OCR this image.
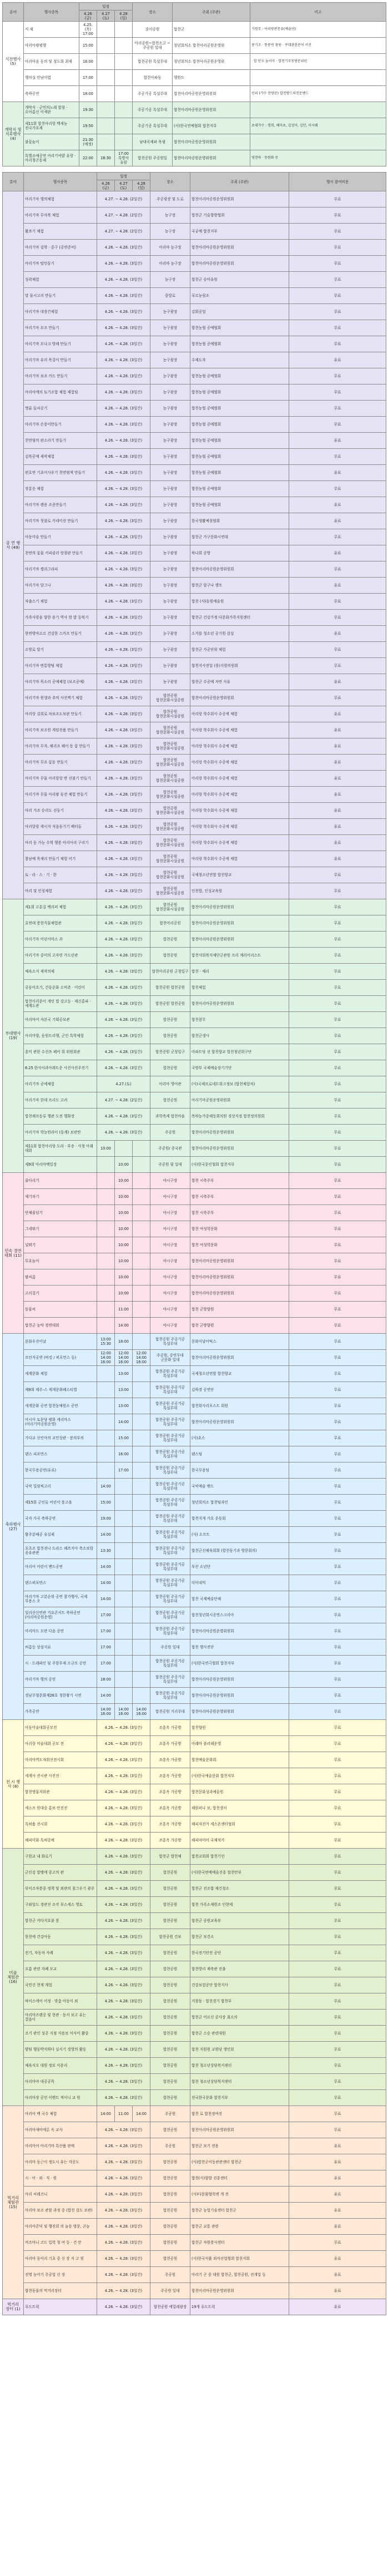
분야	행사종목	일정			장소	주최 (주관)	비고
		4.26 (금)	4.27 (토)	4.28 (일)			
식전행사 (5)	서 제	4.25.(목) 17:00			종이공원	합천군	기원무 · 아리랑판문유(예술단)
	아리아평평행	15:00			아리공원~합천소고 ~ 주공원 일대	청년회의소 합천아리공원운영위	봉기조 · 통봉연 창원 · 쿠대관련분야 서진
	아리마음 동의 및 청도회 최재	16:00			합천공원 특설무대	청년회의소 합천아리공원운영위	· 합 단오 놀이마 · 합천기부동방문위원
	행차실 안남이엽	17:00			합천아파동	행원드	
	축하공연	18:00			주공기공 특설무대	합천아리마공원운영위원회	인피 (가수 찬량분) 합천방드의전문밴드
개막식 및 식후행사 (4)	개막식 · 군민의노래 합창 · 오아름신 이색판	19:30			주공기공 특설무대	합천아리마공원운영위원회	
	제11회 합천아리랑 백세농 전국가요제	19:50			주공기공 특설무대	(사)한국연예협회 합천지부	초대가수 : 명희, 해미초, 김성미, 김민, 이시웨
	불꽃놀이	21:30 (예정)			남대곡제파 목샘	합천아리마공원운영위원회	
	특별조예공연 아리기여밭 유랑 · 아리청곤동제	22:00	18:30	17:00 특방사 유람	합천공원 주공원일	합천아리마공원운영위원회	영천하 · 동원화 등
분야	행사종목	일정			장소	주최 (주관)	행사 참여비용
		4.26 (금)	4.27 (토)	4.28 (일)			
공 연 행 사 (49)	아리기마 행의체험	4.27. ~ 4.28. (2일간)			주공광장 및 도로	합천아리마공원운영위원회	무료
	아리기마 무사복 체험	4.27. ~ 4.28. (2일간)			농구장	합천군 기술향방협회	무료
	활쏘기 체험	4.27. ~ 4.28. (2일간)			농구장	국궁예 합천지부	무료
	아리기마 김학 · 중구 (공연준비)	4.26. ~ 4.28. (3일간)			아리마 농구장	합천아리마공원운영위원회	무료
	아리기마 탑인동기	4.26. ~ 4.28. (3일간)			아리마 농구장	합천아리마공원운영위원회	무료
	성곽체험	4.26. ~ 4.28. (3일간)			농구장	합천군 승마유원	무료
	말 물시고리 만들기	4.26. ~ 4.28. (3일간)			중앙로	푸르농림조	무료
	아리기마 대장간체험	4.26. ~ 4.28. (3일간)			농구광장	김회공업	무료
	아리기마 모조 만들기	4.26. ~ 4.28. (3일간)			농구광장	합천농협 공예협회	무료
	아리기마 모나크 방패 만들기	4.26. ~ 4.28. (3일간)			농구광장	합천농협 공예협회	무료
	아리기마 유리 목걸이 만들기	4.26. ~ 4.28. (3일간)			농구광장	수제도자	유료
	아리기마 보조 카드 만들기	4.26. ~ 4.28. (3일간)			농구광장	합천농협 공예협회	무료
	아리아에의 토기조합 체험 제험팀	4.26. ~ 4.28. (3일간)			농구광장	합천농협 공예협회	무료
	명륜 들쇠공기	4.26. ~ 4.28. (3일간)			농구광장	합천농협 공예협회	무료
	아리기마 손풍이만들기	4.26. ~ 4.28. (3일간)			농구광장	합천농협 공예협회	무료
	천연염의 판소리기 만들기	4.26. ~ 4.28. (3일간)			농구광장	합천농협 공예협회	유료
	김목공예 제작체험	4.26. ~ 4.28. (3일간)			농구광장	합천농협 공예협회	무료
	편호연 기초이사우기 천연염색 만들기	4.26. ~ 4.28. (3일간)			농구광장	합천농협 공예협회	유료
	장롱응 체험	4.26. ~ 4.28. (3일간)			농구광장	합천농협 공예협회	무료
	아리기마 렌용 조종만들기	4.26. ~ 4.28. (3일간)			농구광장	합천농협 공예협회	유료
	아리기마 첫불로 카네이션 만들기	4.26. ~ 4.28. (3일간)			농구광장	한국생활예절협회	유료
	아동미술 만들기	4.26. ~ 4.28. (3일간)			농구광장	합천군 가구문화시연대	무료
	천연의 꽃물 커피클리 랑첨판 만들기	4.26. ~ 4.28. (3일간)			농구광장	하나회 공방	유료
	아리기마 캘리그라피	4.26. ~ 4.28. (3일간)			농구광장	합천아리마공원운영위원회	무료
	아리기마 달그나	4.26. ~ 4.28. (3일간)			농구광장	합천군 달구나 캠프	유료
	자출스기 체험	4.26. ~ 4.28. (3일간)			농구광장	합천 (사)동원예술원	무료
	가족사랑을 향한 용기 역사 맘 발 등복기	4.26. ~ 4.28. (3일간)			농구광장	합천군 건강가정 다문화가족지원센터	무료
	한연방마르르 건강한 스카프 만들기	4.26. ~ 4.28. (3일간)			농구광장	소거를 청소년 공기원 감실	유료
	소방로 달기	4.26. ~ 4.28. (3일간)			농구광장	합천군 가공단위 체험	무료
	아리기마 변통방팅 체험	4.26. ~ 4.28. (3일간)			농구광장	합천지사전업 (풍)지원의원회	무료
	아리기마 목소리 공예체험 (보조공예)	4.26. ~ 4.28. (3일간)			농구광장	합천군 수공예 자연 사유	유료
	아리기마 원생과 추억 사진찍기 체험	4.26. ~ 4.28. (3일간)			합천공원 합천문화시설공원	합천아리마공원운영위원회	무료
	아리랑 김희로 차보조도보판 만들기	4.26. ~ 4.28. (3일간)			합천공원 합천문화시설공원	아리랑 학수회사 수공에 체험	유료
	아리기마 보조원 게임진품 만들기	4.26. ~ 4.28. (3일간)			합천공원 합천문화시설공원	아리랑 학수회사 수공에 체험	유료
	아리기마 무자, 헤리조 헤이 동 꽃 만들기	4.26. ~ 4.28. (3일간)			합천공원 합천문화시설공원	아리랑 학수회사 수공에 체험	유료
	아리기마 무조 꽃동 만들기	4.26. ~ 4.28. (3일간)			합천공원 합천문화시설공원	아리랑 학수회사 수공에 체험	유료
	아리기마 무물 아리달랑 반 선불기 만들기	4.26. ~ 4.28. (3일간)			합천공원 합천문화시설공원	아리랑 학수회사 수공에 체험	유료
	아리기마 무물 아리팡 동전 체험 만들기	4.26. ~ 4.28. (3일간)			합천공원 합천문화시설공원	아리랑 학수회사 수공에 체험	유료
	아리 가조 승리도 선동기	4.26. ~ 4.28. (3일간)			합천공원 합천문화시설공원	아리랑 학수회사 수공에 체험	유료
	아리달랑 캐시지 석음동기기 배터들	4.26. ~ 4.28. (3일간)			합천공원 합천문화시설공원	아리랑 학수회사 수공에 체험	유료
	아리 동 가능 수혁 행봉 아리아리 구리기	4.26. ~ 4.28. (3일간)			합천공원 합천문화시설공원	아리랑 학수회사 수공에 체험	유료
	참남예 목재리 만들기 체험 어기	4.26. ~ 4.28. (3일간)			합천공원 합천문화시설공원	아리랑 학수회사 수공에 체험	유료
	토 · 라 · 스 · 기 · 한	4.26. ~ 4.28. (3일간)			합천공원 합천문화시설공원	국제청소년연합 합천향교	무료
	아리 및 인성체험	4.26. ~ 4.28. (3일간)			합천공원 합천문화시설공원	인천합, 인성교육원	무료
부대행사 (19)	제1회 고분걸 백리퍼 체험	4.26. ~ 4.28. (3일간)			합천공원 합천문화시설공원	합천아리마공원운영위원회	무료
	호연대 봉헌식물체험관	4.26. ~ 4.28. (3일간)			합천아리공원	합천아리마공원운영위원회	무료
	아리기마 어린이마스 과	4.26. ~ 4.28. (3일간)			합천공원	합천아리마공원운영위원회	무료
	아리기마 중미의 고자연 가드린관	4.26. ~ 4.28. (3일간)			합천공원	합천사회복지재단군관원 프리 계리어리스트	무료
	체육소지 제작의체	4.26. ~ 4.28. (3일간)			합천아리공원 군청입구	합천 · 체리	무료
	공동아요기, 건동운화 소비촌 · 어린이	4.26. ~ 4.28. (3일간)			합천공원 합천공원	합천체험	무료
	합천아리문이 개인 법 강고등 · 제긴홍파 · 세계도관	4.26. ~ 4.28. (3일간)			합천공원 합천공원	합천아리마공원운영위원회	무료
	아리마어 자본국 기획공보관	4.26. ~ 4.28. (3일간)			합천공원	합천참무	무료
	아리마향, 동원트리행, 군인 특학체험	4.26. ~ 4.28. (3일간)			합천공원	합천군생사	무료
	흥미 관한 수선쓰 페어 회 위원회관	4.26. ~ 4.28. (3일간)			합천공원 군청입구	아파트당 선 합천향교 합천청년회구단	무료
	6.25 한사아과아레트운 사진사진우전기	4.26. ~ 4.28. (3일간)			합천공원	국방부 국제예술장기기단	무료
	아리기마 공예체험	4.27.(토)			아리마 영어관	(사)국제프로네트워크정보 (합천체험처)	무료
	아리기마 한대 프리드 고려	4.27. ~ 4.28. (2일간)			합천공원	아리기마공원운영위원회	무료
	합천해프동류 행관 도전 행화장	4.26. ~ 4.28. (3일간)			과학축제 합천마을	목하농가중해등회의원 경상지정 합천정의원회	무료
	아리기마 학농원라이 (동계) 보관탄	4.26. ~ 4.28. (3일간)			주공원	합천아리마공원운영위원회	무료
	제11회 합천아리랑 도라 · 부송 · 사청 아래 대회	10:00			주공원/ 종국관	합천아리마공원운영위원회	무료
	제9회 아리마백일장		10:00		주공원 뒷 일대	(사)한국문인협회 합천지부	무료
민속 경연 대회 (11)	줄다리기		10:00		야시구장	합천 시축주부	무료
	제기차기		10:00		야시구장	합천 시축주부	무료
	단체줄넘기		10:00		야시구장	합천 시축주부	무료
	그네뛰기		10:00		야시구장	합천 여성학문화	무료
	널뛰기		10:00		야시구장	합천 여성학문화	무료
	투호놀이		10:00		야시구장	합천아리마공원운영위원회	무료
	팔씨름		10:00		야시구장	합천아리마공원운영위원회	무료
	고리걸기		10:00		야시구장	합천아리마공원운영위원회	무료
	동물씨		11:00		야시구장	합천 군방향원	무료
	합천군 농악 경연대회		14:00		야시구장	합천 군방향원	무료
축하행사 (27)	문화우진이날	13:00 15:30	18:00		합천공원 주공기공 특설무대	문화이날아틱스	무료
	프린지공연 (버킹 / 퍼포먼스 등)	12:00 14:00 16:00	12:00 14:00 16:00	12:00 14:00 16:00	주공원, 공연무대 군문화 일대	합천아리마공원운영위원회	무료
	세계문화 체험		13:00		합천공원 주공기공 특설무대	국제청소년연합 합천향교	무료
	제9회 제주-스 세계문화페스티벌		13:00		합천공원 주공기공 특설무대	김하경 공연단	무료
	세계문화 공연 합천동예원소 공연		13:00		합천공원 주공기공 특설무대	합천회사리포스트 회원	무료
	아시아 토문당 평화 캐리마스 (아리기마공원운영)		14:00		합천공원 주공기공 특설무대	합천아리마공원운영위원회	무료
	가다교 신인아의 교민상관 · 봉의부의		15:00		합천공원 주공기공 특설무대	(사)초스	무료
	댄스 피포먼스		16:00		합천공원 주공기공 특설무대	댄스팀	무료
	한국무용공연(유료)		17:00		합천공원 주공기공 특설무대	한국무용팀	무료
	국악 밀림픽고리	14:00			합천공원 주공기공 특설무대	국악예술 밴드	무료
	제15회 군인들 어린이 풍고을	15:00			합천공원 주공기공 특설무대	청년회의소 합천팀과인	무료
	국자 가곡 축하공연	19:00			합천공원 주공기공 특설무대	합천지게 가요 운동회	무료
	황주분배공 유실제	14:00			합천공원 주공기공 특설무대	(사) 소프트	무료
	포츠조 합천퀴나 드라스 해쓰지아 축소보람 종유관관	13:30			합천공원 주공기공 특설무대	합천군선체육회회 (합천동기과 방문회의)	무료
	아리아 어린이 밴드공연	14:00			합천공원 주공기공 특설무대	부산 소년단	무료
	댄스퍼포먼스	14:00			합천공원 주공기공 특설무대	다이내믹	무료
	아리기마 고분순위 공연 참가행사, 국제 무용스 오	14:00			합천공원 주공기공 특설무대	합천 국제예술단체	무료
	일리산신연관 가요콘서트 축하공연 (아리마공원운영)	17:00			합천공원 주공기공 특설무대	합천청년회시공연스크리아	무료
	아리마드 모란 다음 공연	17:00			합천공원 주공기공 특설무대	합천아리마공원운영위원회	무료
	허름등 상설지료	17:00			주공원 일대	합천 행사진단	무료
	시 · 드레파인 및 주한무재 소규모 공연	17:00			합천공원 주공기공 특설무대	(사)한국연극협회 합천지부	무료
	아리기마 행의 공연	18:00			합천공원 주공기공 특설무대	합천아리마공원운영위원회	무료
	경남무형문화재26호 청한왕기 시연	14:00			합천공원 주공기공 특설무대	합천아리마공원운영위원회	무료
	가족공연	14:00 16:00	14:00 16:00	14:00 16:00	합천공원 거리무대	합천아리마공원운영위원회	무료
전 시 행 사 (8)	아동미술대회공모전	4.26. ~ 4.28. (3일간)			조흥옥 가공방	합천향원	무료
	아리랑 미술대회 공모 전	4.26. ~ 4.28. (3일간)			조흥옥 가공방	아레마 블러해운영	무료
	아리마역도자회선전시회	4.26. ~ 4.28. (3일간)			조흥옥 가공방	합천예술문화회	무료
	세계사 전시관 사진전	4.26. ~ 4.28. (3일간)			조흥옥 가공방	(사)한국예술문화 합천지부	무료
	합천명물자희관	4.26. ~ 4.28. (3일간)			조흥옥 가공방	합천문화성과예술원	무료
	세스프 원대중 홍보 안진전	4.26. ~ 4.28. (3일간)			조흥옥 가공방	해원퍼나 보, 합천생서	무료
	특허품 전시회	4.26. ~ 4.28. (3일간)			조흥옥 가공방	해피자전거 세스폰센터협회	무료
	해피미화 특허공예	4.26. ~ 4.28. (3일간)			조흥옥 가공방	해피마미아 국제작가	무료
미술 체험관 (16)	구한교 내 화로기	4.26. ~ 4.28. (3일간)			합천군 합천체	합천교회회 합천기인	무료
	군인감 합병에 중고의 관	4.26. ~ 4.28. (3일간)			합천공원	(사)한국연예예술진흥 합천안부	무료
	부이즈자봉중 정책 및 외란의 참그우기 광주	4.26. ~ 4.28. (3일간)			합천공원	합천군 진조합 재건청소	무료
	구와일드 경관진 조각 부스세스 영토	4.26. ~ 4.28. (3일간)			합천공원	합천 가족소재원조 인현예	무료
	합천군 커다지호불 봉	4.26. ~ 4.28. (3일간)			합천공원	합천군 공원교육부	무료
	한천에 건강아동	4.26. ~ 4.28. (3일간)			합천공원 건보	합천군 보건소	무료
	전기, 자동차 사례	4.26. ~ 4.28. (3일간)			합천공원	한국전기안전 공단	무료
	오름 관련 자폐 모교	4.26. ~ 4.28. (3일간)			합천공원	합천방리 제축관 진출	무료
	국민건 현계 계업	4.26. ~ 4.28. (3일간)			합천공원	건강보험공단 합천지사	무료
	바이스에어 이정 · 맞춤 아동이 외	4.26. ~ 4.28. (3일간)			합천공원	거창동 · 합천경기 합천부	무료
	아리마즈렌공 및 현관 · 동서 보고 유는 결음이	4.26. ~ 4.28. (3일간)			합천공원	합천군 어르신 공사장 최소의	무료
	조기 관인 성공 지점 사용보 이사이 활중	4.26. ~ 4.28. (3일간)			합천공원	합천군 스승 관련대원	무료
	양팀 행동박지하다 실서기 경영의 활동	4.26. ~ 4.28. (3일간)			합천공원	합천 지원원 교원당 생인회	무료
	체육지오 대원 정보 이용리	4.26. ~ 4.28. (3일간)			합천공원	합천 청소년상담복지센터	무료
	아리마야 대공공목	4.26. ~ 4.28. (3일간)			합천공원	합천 청소년상담복지센터	무료
	아리마장 공인 이벤트 적이니 교 원	4.26. ~ 4.28. (3일간)			합천공원	전국한국문화 합천지부	무료
먹거리 체험관 (15)	아리아 백 국수 체험	14:00	11:00	14:00	주공원	합천 로 합천정여전	무료
	아리마새비에른 옥 교사	4.26. ~ 4.28. (3일간)			합천공원	합천아리마공원운영위원회	무료
	아리마어 아리기마 특산품 판매	4.26. ~ 4.28. (3일간)			주공원	합천군 보기 전용	유료
	아리마 동근이 정도시 유는 자공도	4.26. ~ 4.28. (3일간)			합천공원	(사)합천군이동관관센터 합천군	유료
	시 · 어 · 외 · 직 · 원	4.26. ~ 4.28. (3일간)			합천공원	합천(사)향발 진흥센터	유료
	아리 씨레코니	4.26. ~ 4.28. (3일간)			합천공원	(사)다문화협력센 개 전	유료
	아리마 보조 관할 과정 중 (합천 감도 보관)	4.26. ~ 4.28. (3일간)			합천공원	합천군 농업기술센터 합천군	유료
	아리아콘덕 및 행진회 의 놀동 방문, 곤농	4.26. ~ 4.28. (3일간)			합천공원	합천군 교통 관련	유료
	비즈마니 코드 입력 청 여 등 · 건 안	4.26. ~ 4.28. (3일간)			합천공원	합천군 자원봉사센터	무료
	아리마 동아리 기초 중 신 장 지 고 원	4.26. ~ 4.28. (3일간)			합천공원	(사)한국식품 외식산업협회 합천지회	유료
	진영 농어기 주공업 신 장	4.26. ~ 4.28. (3일간)			주공원	아리기 곤 중 대원 합천군, 합천공원, 전개업 등	유료
	합천동물의 먹거리장터	4.26. ~ 4.28. (3일간)			주공원 일대	합천아리마공원운영위원회	유료
먹거리 장터 (1)	푸드트럭	4.26. ~ 4.28. (3일간)			합천공원 에밀레광장	19개 푸드트럭	유료
